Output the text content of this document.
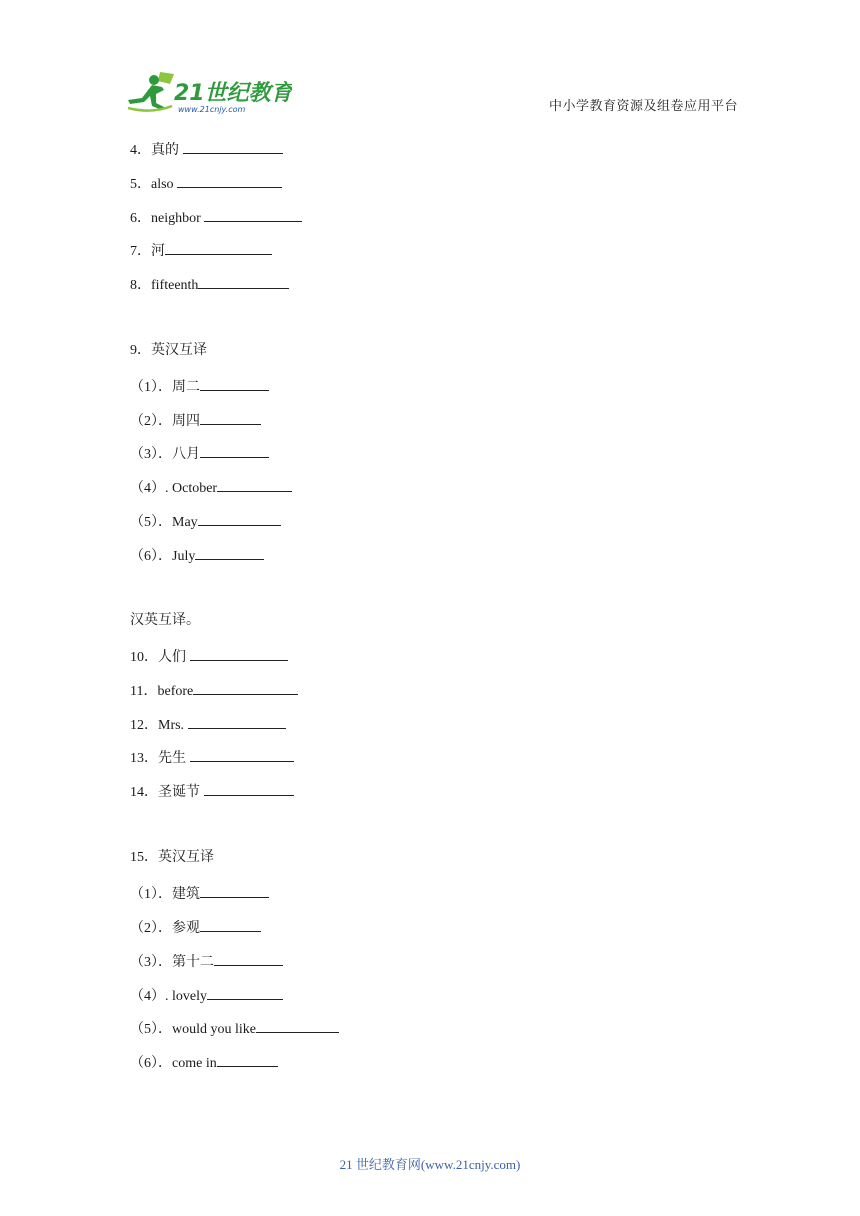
21世纪教育
www.21cnjy.com	中小学教育资源及组卷应用平台
4．真的
5．also
6．neighbor
7．河
8．fifteenth
9．英汉互译
（1）．周二
（2）．周四
（3）．八月
（4）. October
（5）．May
（6）．July
汉英互译。
10．人们
11．before
12．Mrs.
13．先生
14．圣诞节
15．英汉互译
（1）．建筑
（2）．参观
（3）．第十二
（4）. lovely
（5）．would you like
（6）．come in
21 世纪教育网(www.21cnjy.com)
